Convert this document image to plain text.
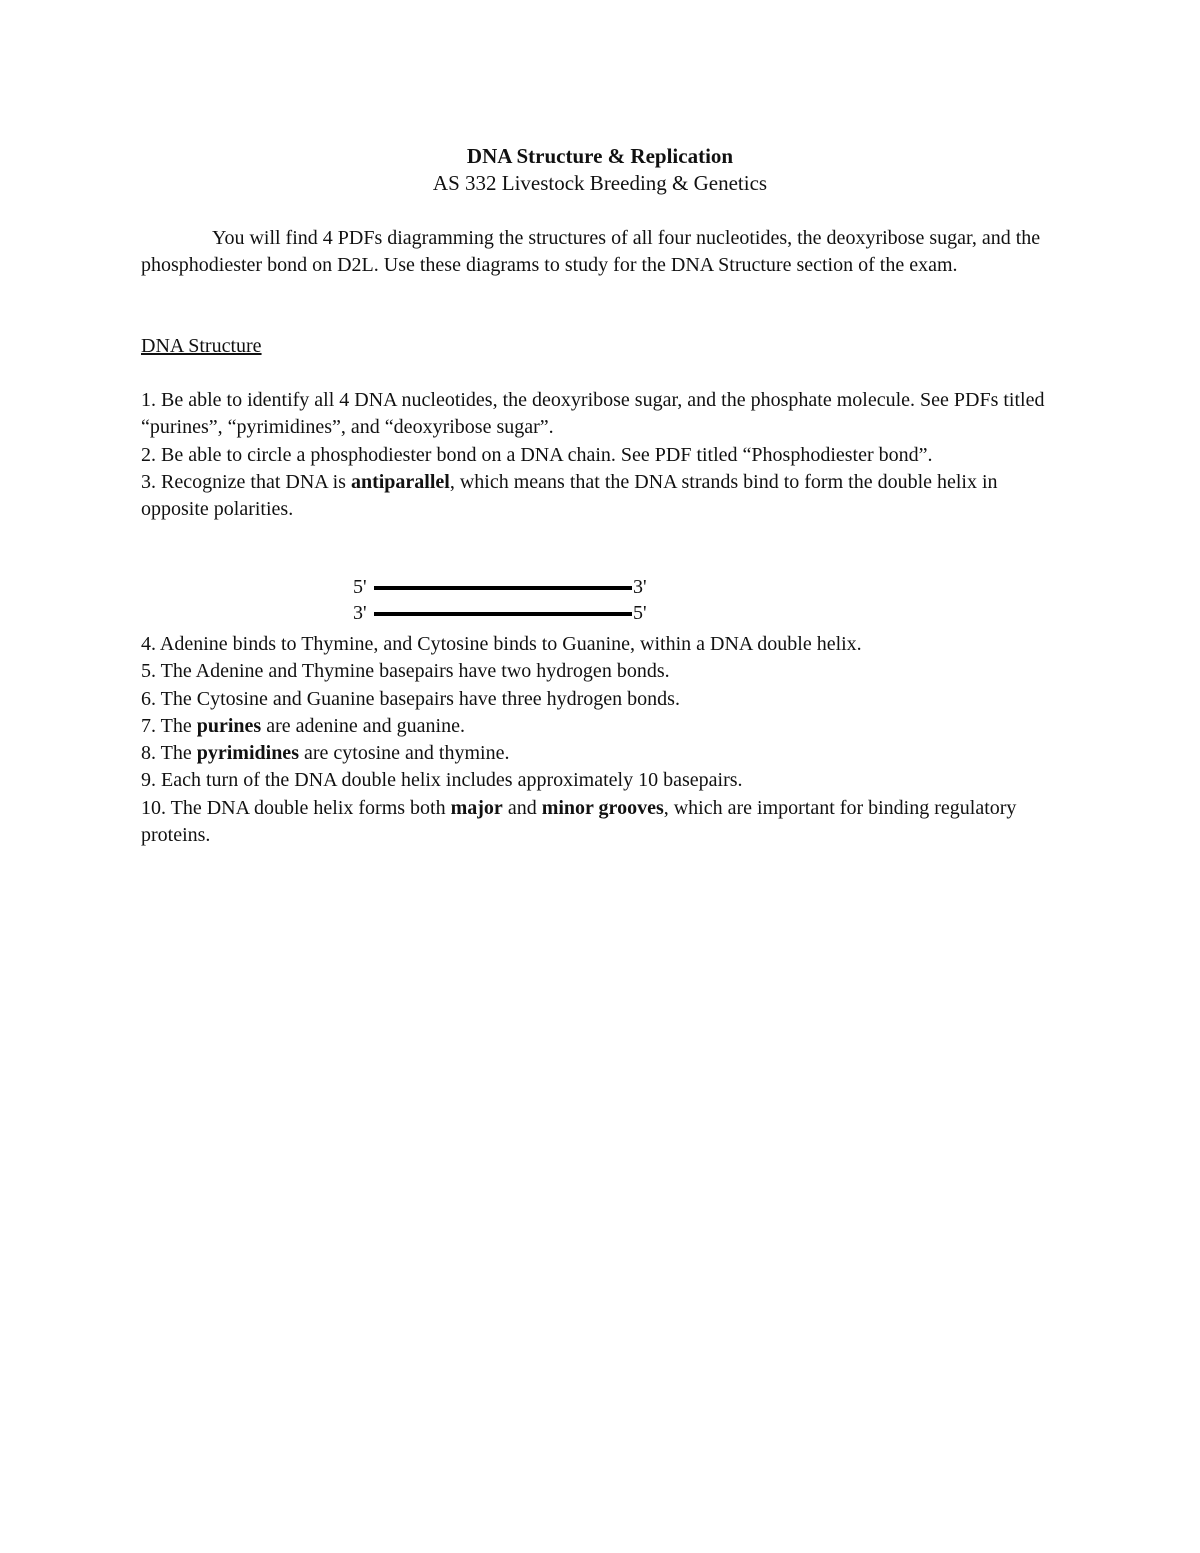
DNA Structure & Replication
AS 332 Livestock Breeding & Genetics
You will find 4 PDFs diagramming the structures of all four nucleotides, the deoxyribose sugar, and the phosphodiester bond on D2L. Use these diagrams to study for the DNA Structure section of the exam.
DNA Structure
1. Be able to identify all 4 DNA nucleotides, the deoxyribose sugar, and the phosphate molecule. See PDFs titled “purines”, “pyrimidines”, and “deoxyribose sugar”.
2. Be able to circle a phosphodiester bond on a DNA chain. See PDF titled “Phosphodiester bond”.
3. Recognize that DNA is antiparallel, which means that the DNA strands bind to form the double helix in opposite polarities.
5'	3'
3'	5'
4. Adenine binds to Thymine, and Cytosine binds to Guanine, within a DNA double helix.
5. The Adenine and Thymine basepairs have two hydrogen bonds.
6. The Cytosine and Guanine basepairs have three hydrogen bonds.
7. The purines are adenine and guanine.
8. The pyrimidines are cytosine and thymine.
9. Each turn of the DNA double helix includes approximately 10 basepairs.
10. The DNA double helix forms both major and minor grooves, which are important for binding regulatory proteins.
